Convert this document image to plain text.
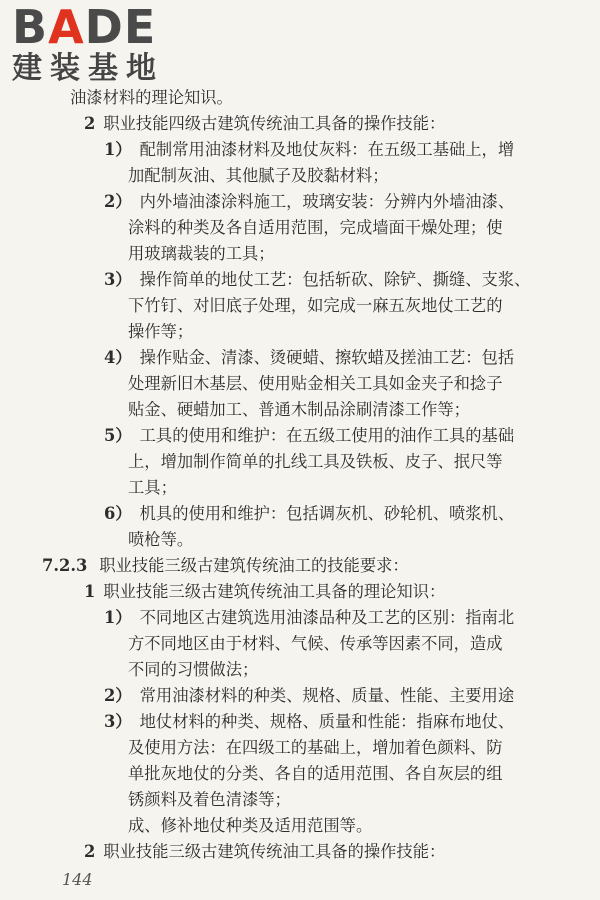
BADE
建装基地
油漆材料的理论知识。
2 职业技能四级古建筑传统油工具备的操作技能：
1） 配制常用油漆材料及地仗灰料：在五级工基础上，增
加配制灰油、其他腻子及胶黏材料；
2） 内外墙油漆涂料施工，玻璃安装：分辨内外墙油漆、
涂料的种类及各自适用范围，完成墙面干燥处理；使
用玻璃裁装的工具；
3） 操作简单的地仗工艺：包括斩砍、除铲、撕缝、支浆、
下竹钉、对旧底子处理，如完成一麻五灰地仗工艺的
操作等；
4） 操作贴金、清漆、烫硬蜡、擦软蜡及搓油工艺：包括
处理新旧木基层、使用贴金相关工具如金夹子和捻子
贴金、硬蜡加工、普通木制品涂刷清漆工作等；
5） 工具的使用和维护：在五级工使用的油作工具的基础
上，增加制作简单的扎线工具及铁板、皮子、抿尺等
工具；
6） 机具的使用和维护：包括调灰机、砂轮机、喷浆机、
喷枪等。
7.2.3 职业技能三级古建筑传统油工的技能要求：
1 职业技能三级古建筑传统油工具备的理论知识：
1） 不同地区古建筑选用油漆品种及工艺的区别：指南北
方不同地区由于材料、气候、传承等因素不同，造成
不同的习惯做法；
2） 常用油漆材料的种类、规格、质量、性能、主要用途
及使用方法：在四级工的基础上，增加着色颜料、防
锈颜料及着色清漆等；
144
3） 地仗材料的种类、规格、质量和性能：指麻布地仗、
单批灰地仗的分类、各自的适用范围、各自灰层的组
成、修补地仗种类及适用范围等。
2 职业技能三级古建筑传统油工具备的操作技能：
